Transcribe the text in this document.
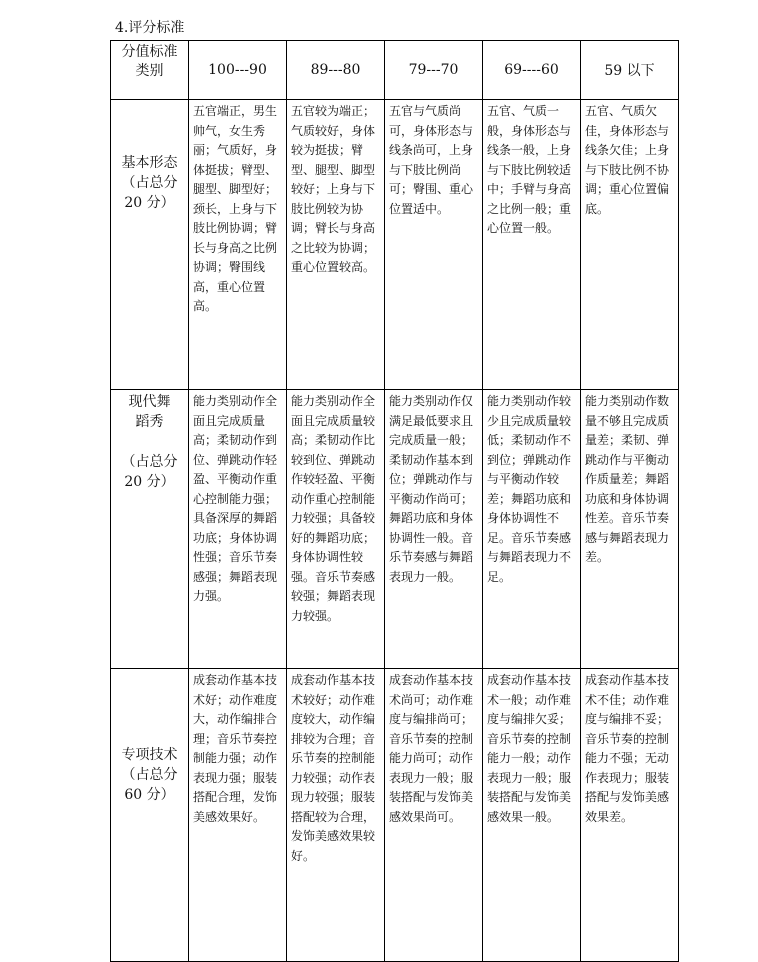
4.评分标准
分值标准
类别	100---90	89---80	79---70	69----60	59 以下

基本形态
（占总分
20 分）	五官端正，男生帅气，女生秀丽；气质好，身体挺拔；臂型、腿型、脚型好；颈长，上身与下肢比例协调；臂长与身高之比例协调；臀围线高，重心位置高。	五官较为端正；气质较好，身体较为挺拔；臂型、腿型、脚型较好；上身与下肢比例较为协调；臂长与身高之比较为协调；重心位置较高。	五官与气质尚可，身体形态与线条尚可，上身与下肢比例尚可；臀围、重心位置适中。	五官、气质一般，身体形态与线条一般，上身与下肢比例较适中；手臂与身高之比例一般；重心位置一般。	五官、气质欠佳，身体形态与线条欠佳；上身与下肢比例不协调；重心位置偏底。

现代舞
蹈秀
（占总分
20 分）	能力类别动作全面且完成质量高；柔韧动作到位、弹跳动作轻盈、平衡动作重心控制能力强；具备深厚的舞蹈功底；身体协调性强；音乐节奏感强；舞蹈表现力强。	能力类别动作全面且完成质量较高；柔韧动作比较到位、弹跳动作较轻盈、平衡动作重心控制能力较强；具备较好的舞蹈功底；身体协调性较强。音乐节奏感较强；舞蹈表现力较强。	能力类别动作仅满足最低要求且完成质量一般；柔韧动作基本到位；弹跳动作与平衡动作尚可；舞蹈功底和身体协调性一般。音乐节奏感与舞蹈表现力一般。	能力类别动作较少且完成质量较低；柔韧动作不到位；弹跳动作与平衡动作较差；舞蹈功底和身体协调性不足。音乐节奏感与舞蹈表现力不足。	能力类别动作数量不够且完成质量差；柔韧、弹跳动作与平衡动作质量差；舞蹈功底和身体协调性差。音乐节奏感与舞蹈表现力差。

专项技术
（占总分
60 分）	成套动作基本技术好；动作难度大，动作编排合理；音乐节奏控制能力强；动作表现力强；服装搭配合理，发饰美感效果好。	成套动作基本技术较好；动作难度较大，动作编排较为合理；音乐节奏的控制能力较强；动作表现力较强；服装搭配较为合理，发饰美感效果较好。	成套动作基本技术尚可；动作难度与编排尚可；音乐节奏的控制能力尚可；动作表现力一般；服装搭配与发饰美感效果尚可。	成套动作基本技术一般；动作难度与编排欠妥；音乐节奏的控制能力一般；动作表现力一般；服装搭配与发饰美感效果一般。	成套动作基本技术不佳；动作难度与编排不妥；音乐节奏的控制能力不强；无动作表现力；服装搭配与发饰美感效果差。
